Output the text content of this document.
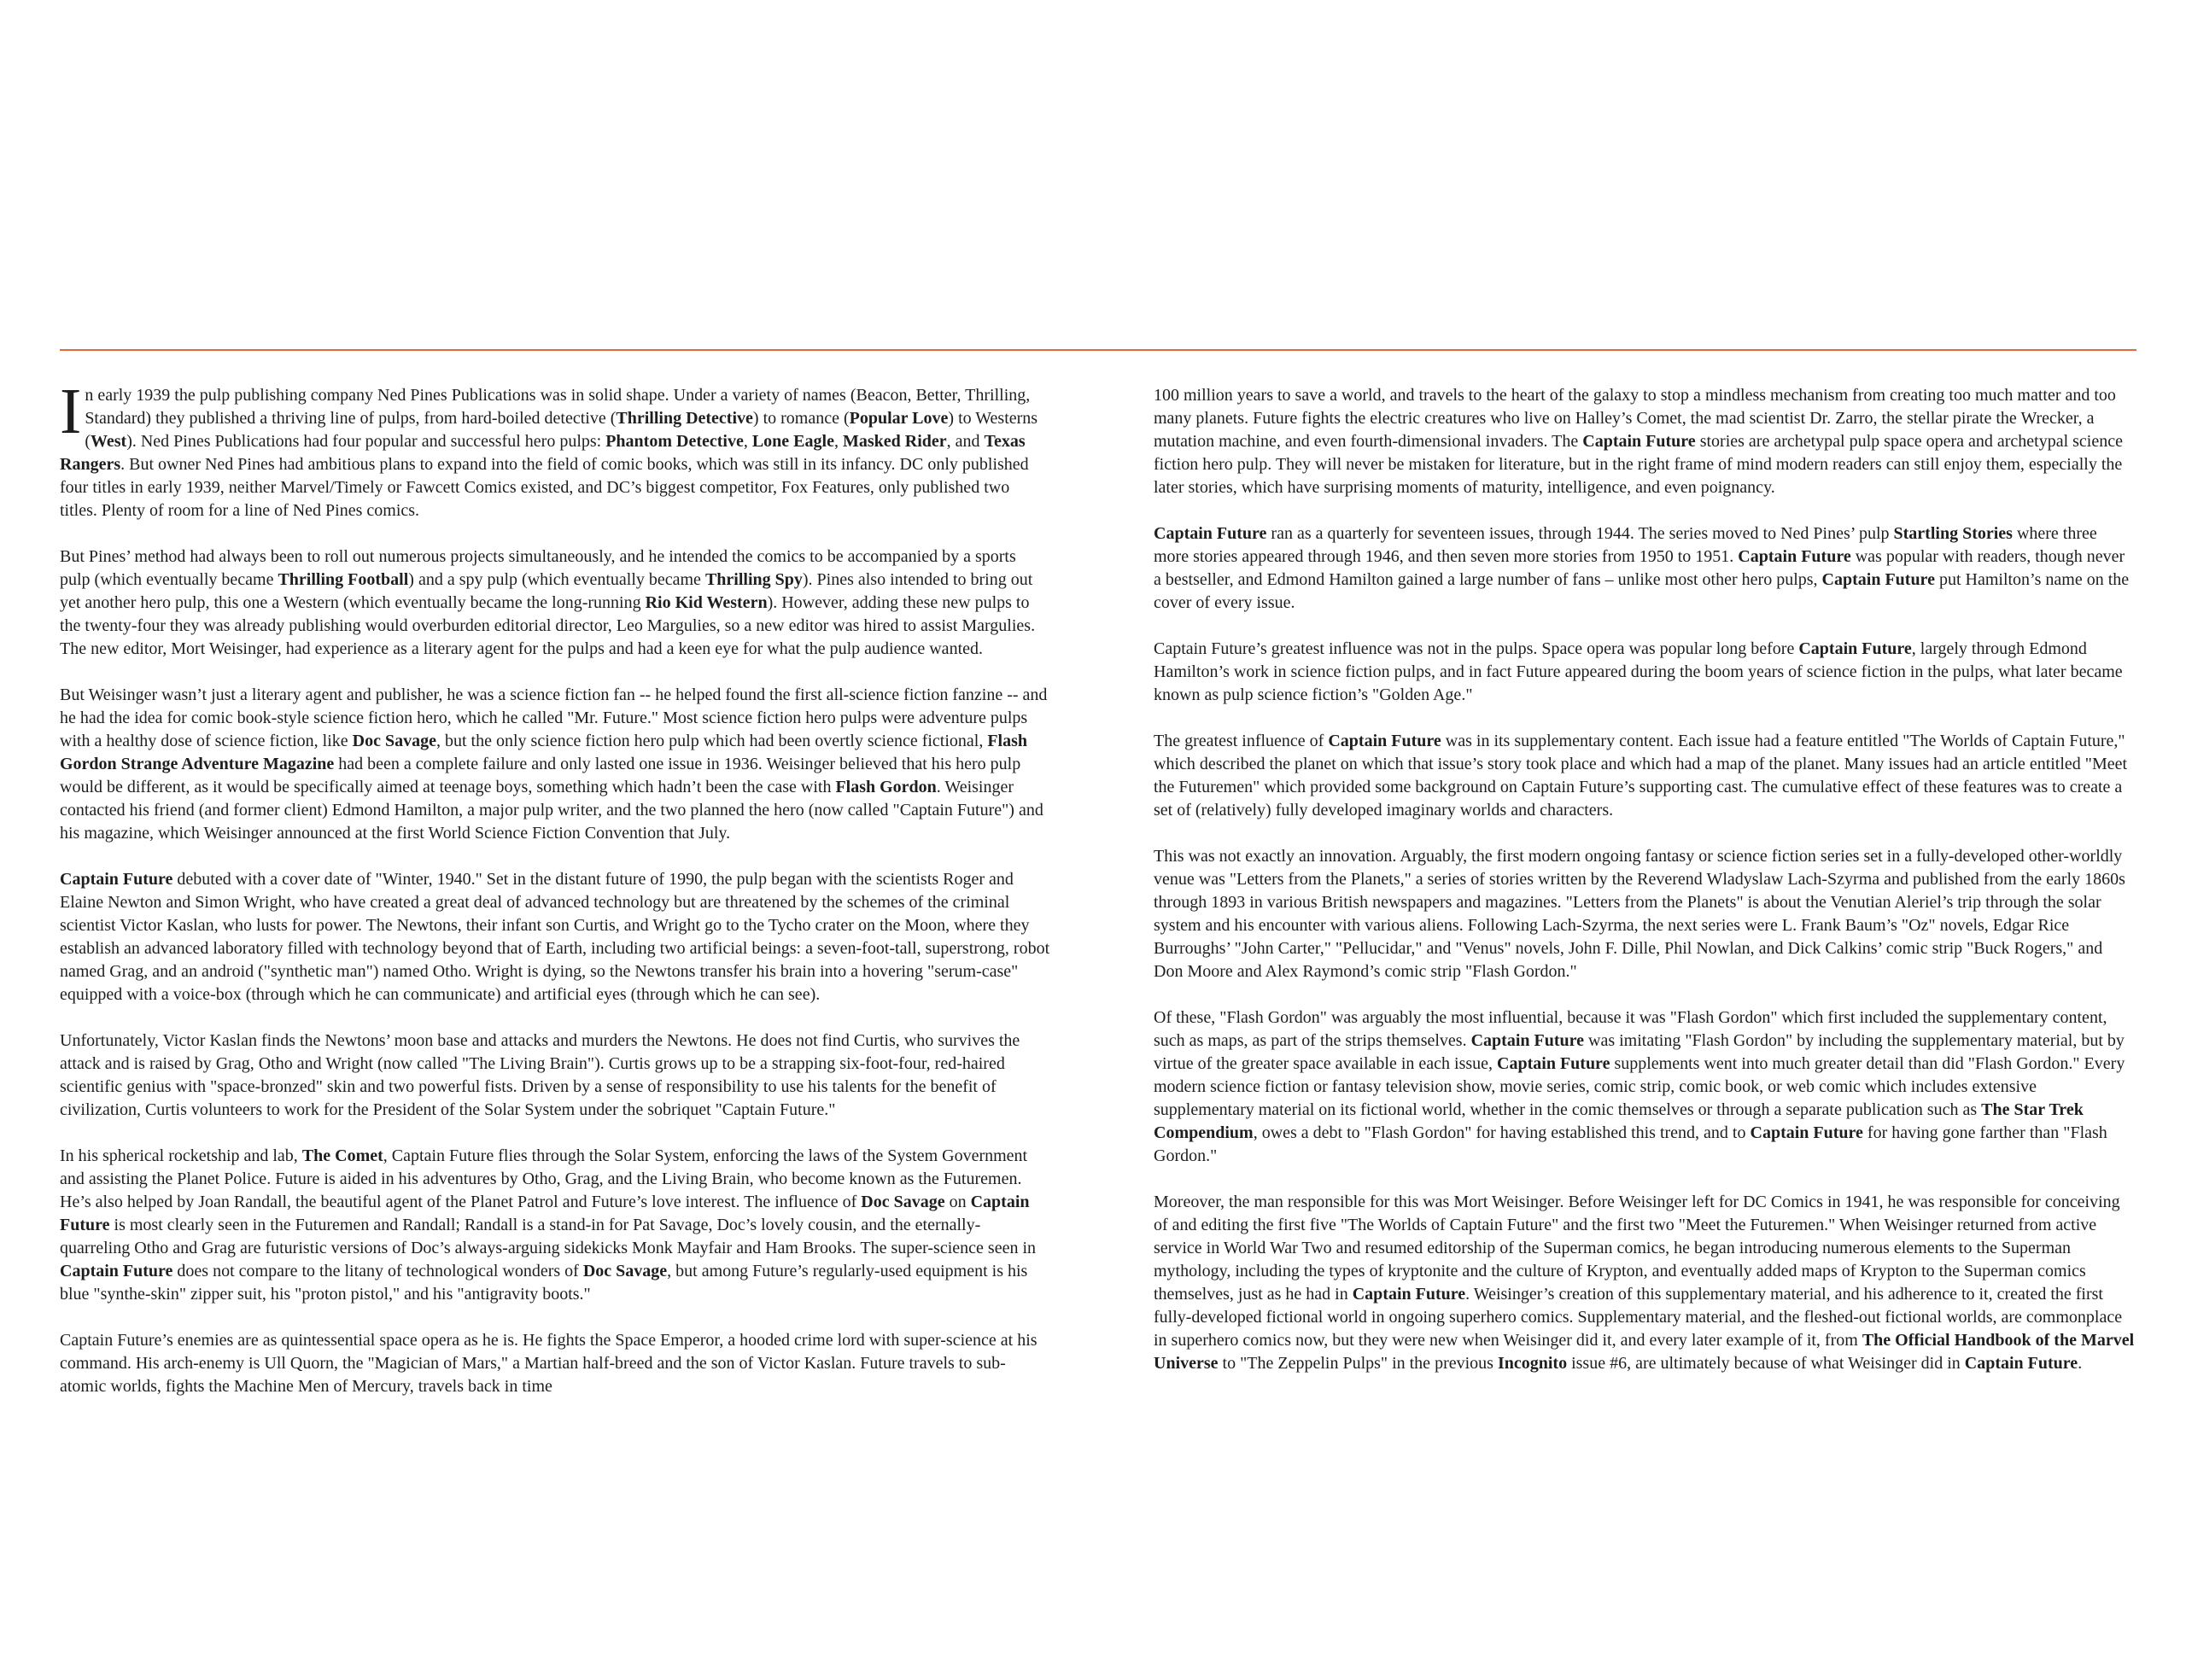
In early 1939 the pulp publishing company Ned Pines Publications was in solid shape. Under a variety of names (Beacon, Better, Thrilling, Standard) they published a thriving line of pulps, from hard-boiled detective (Thrilling Detective) to romance (Popular Love) to Westerns (West). Ned Pines Publications had four popular and successful hero pulps: Phantom Detective, Lone Eagle, Masked Rider, and Texas Rangers. But owner Ned Pines had ambitious plans to expand into the field of comic books, which was still in its infancy. DC only published four titles in early 1939, neither Marvel/Timely or Fawcett Comics existed, and DC’s biggest competitor, Fox Features, only published two titles. Plenty of room for a line of Ned Pines comics.

But Pines’ method had always been to roll out numerous projects simultaneously, and he intended the comics to be accompanied by a sports pulp (which eventually became Thrilling Football) and a spy pulp (which eventually became Thrilling Spy). Pines also intended to bring out yet another hero pulp, this one a Western (which eventually became the long-running Rio Kid Western). However, adding these new pulps to the twenty-four they was already publishing would overburden editorial director, Leo Margulies, so a new editor was hired to assist Margulies. The new editor, Mort Weisinger, had experience as a literary agent for the pulps and had a keen eye for what the pulp audience wanted.

But Weisinger wasn’t just a literary agent and publisher, he was a science fiction fan -- he helped found the first all-science fiction fanzine -- and he had the idea for comic book-style science fiction hero, which he called "Mr. Future." Most science fiction hero pulps were adventure pulps with a healthy dose of science fiction, like Doc Savage, but the only science fiction hero pulp which had been overtly science fictional, Flash Gordon Strange Adventure Magazine had been a complete failure and only lasted one issue in 1936. Weisinger believed that his hero pulp would be different, as it would be specifically aimed at teenage boys, something which hadn’t been the case with Flash Gordon. Weisinger contacted his friend (and former client) Edmond Hamilton, a major pulp writer, and the two planned the hero (now called "Captain Future") and his magazine, which Weisinger announced at the first World Science Fiction Convention that July.

Captain Future debuted with a cover date of "Winter, 1940." Set in the distant future of 1990, the pulp began with the scientists Roger and Elaine Newton and Simon Wright, who have created a great deal of advanced technology but are threatened by the schemes of the criminal scientist Victor Kaslan, who lusts for power. The Newtons, their infant son Curtis, and Wright go to the Tycho crater on the Moon, where they establish an advanced laboratory filled with technology beyond that of Earth, including two artificial beings: a seven-foot-tall, superstrong, robot named Grag, and an android ("synthetic man") named Otho. Wright is dying, so the Newtons transfer his brain into a hovering "serum-case" equipped with a voice-box (through which he can communicate) and artificial eyes (through which he can see).

Unfortunately, Victor Kaslan finds the Newtons’ moon base and attacks and murders the Newtons. He does not find Curtis, who survives the attack and is raised by Grag, Otho and Wright (now called "The Living Brain"). Curtis grows up to be a strapping six-foot-four, red-haired scientific genius with "space-bronzed" skin and two powerful fists. Driven by a sense of responsibility to use his talents for the benefit of civilization, Curtis volunteers to work for the President of the Solar System under the sobriquet "Captain Future."

In his spherical rocketship and lab, The Comet, Captain Future flies through the Solar System, enforcing the laws of the System Government and assisting the Planet Police. Future is aided in his adventures by Otho, Grag, and the Living Brain, who become known as the Futuremen. He’s also helped by Joan Randall, the beautiful agent of the Planet Patrol and Future’s love interest. The influence of Doc Savage on Captain Future is most clearly seen in the Futuremen and Randall; Randall is a stand-in for Pat Savage, Doc’s lovely cousin, and the eternally-quarreling Otho and Grag are futuristic versions of Doc’s always-arguing sidekicks Monk Mayfair and Ham Brooks. The super-science seen in Captain Future does not compare to the litany of technological wonders of Doc Savage, but among Future’s regularly-used equipment is his blue "synthe-skin" zipper suit, his "proton pistol," and his "antigravity boots."

Captain Future’s enemies are as quintessential space opera as he is. He fights the Space Emperor, a hooded crime lord with super-science at his command. His arch-enemy is Ull Quorn, the "Magician of Mars," a Martian half-breed and the son of Victor Kaslan. Future travels to sub-atomic worlds, fights the Machine Men of Mercury, travels back in time

100 million years to save a world, and travels to the heart of the galaxy to stop a mindless mechanism from creating too much matter and too many planets. Future fights the electric creatures who live on Halley’s Comet, the mad scientist Dr. Zarro, the stellar pirate the Wrecker, a mutation machine, and even fourth-dimensional invaders. The Captain Future stories are archetypal pulp space opera and archetypal science fiction hero pulp. They will never be mistaken for literature, but in the right frame of mind modern readers can still enjoy them, especially the later stories, which have surprising moments of maturity, intelligence, and even poignancy.

Captain Future ran as a quarterly for seventeen issues, through 1944. The series moved to Ned Pines’ pulp Startling Stories where three more stories appeared through 1946, and then seven more stories from 1950 to 1951. Captain Future was popular with readers, though never a bestseller, and Edmond Hamilton gained a large number of fans – unlike most other hero pulps, Captain Future put Hamilton’s name on the cover of every issue.

Captain Future’s greatest influence was not in the pulps. Space opera was popular long before Captain Future, largely through Edmond Hamilton’s work in science fiction pulps, and in fact Future appeared during the boom years of science fiction in the pulps, what later became known as pulp science fiction’s "Golden Age."

The greatest influence of Captain Future was in its supplementary content. Each issue had a feature entitled "The Worlds of Captain Future," which described the planet on which that issue’s story took place and which had a map of the planet. Many issues had an article entitled "Meet the Futuremen" which provided some background on Captain Future’s supporting cast. The cumulative effect of these features was to create a set of (relatively) fully developed imaginary worlds and characters.

This was not exactly an innovation. Arguably, the first modern ongoing fantasy or science fiction series set in a fully-developed other-worldly venue was "Letters from the Planets," a series of stories written by the Reverend Wladyslaw Lach-Szyrma and published from the early 1860s through 1893 in various British newspapers and magazines. "Letters from the Planets" is about the Venutian Aleriel’s trip through the solar system and his encounter with various aliens. Following Lach-Szyrma, the next series were L. Frank Baum’s "Oz" novels, Edgar Rice Burroughs’ "John Carter," "Pellucidar," and "Venus" novels, John F. Dille, Phil Nowlan, and Dick Calkins’ comic strip "Buck Rogers," and Don Moore and Alex Raymond’s comic strip "Flash Gordon."

Of these, "Flash Gordon" was arguably the most influential, because it was "Flash Gordon" which first included the supplementary content, such as maps, as part of the strips themselves. Captain Future was imitating "Flash Gordon" by including the supplementary material, but by virtue of the greater space available in each issue, Captain Future supplements went into much greater detail than did "Flash Gordon." Every modern science fiction or fantasy television show, movie series, comic strip, comic book, or web comic which includes extensive supplementary material on its fictional world, whether in the comic themselves or through a separate publication such as The Star Trek Compendium, owes a debt to "Flash Gordon" for having established this trend, and to Captain Future for having gone farther than "Flash Gordon."

Moreover, the man responsible for this was Mort Weisinger. Before Weisinger left for DC Comics in 1941, he was responsible for conceiving of and editing the first five "The Worlds of Captain Future" and the first two "Meet the Futuremen." When Weisinger returned from active service in World War Two and resumed editorship of the Superman comics, he began introducing numerous elements to the Superman mythology, including the types of kryptonite and the culture of Krypton, and eventually added maps of Krypton to the Superman comics themselves, just as he had in Captain Future. Weisinger’s creation of this supplementary material, and his adherence to it, created the first fully-developed fictional world in ongoing superhero comics. Supplementary material, and the fleshed-out fictional worlds, are commonplace in superhero comics now, but they were new when Weisinger did it, and every later example of it, from The Official Handbook of the Marvel Universe to "The Zeppelin Pulps" in the previous Incognito issue #6, are ultimately because of what Weisinger did in Captain Future.
